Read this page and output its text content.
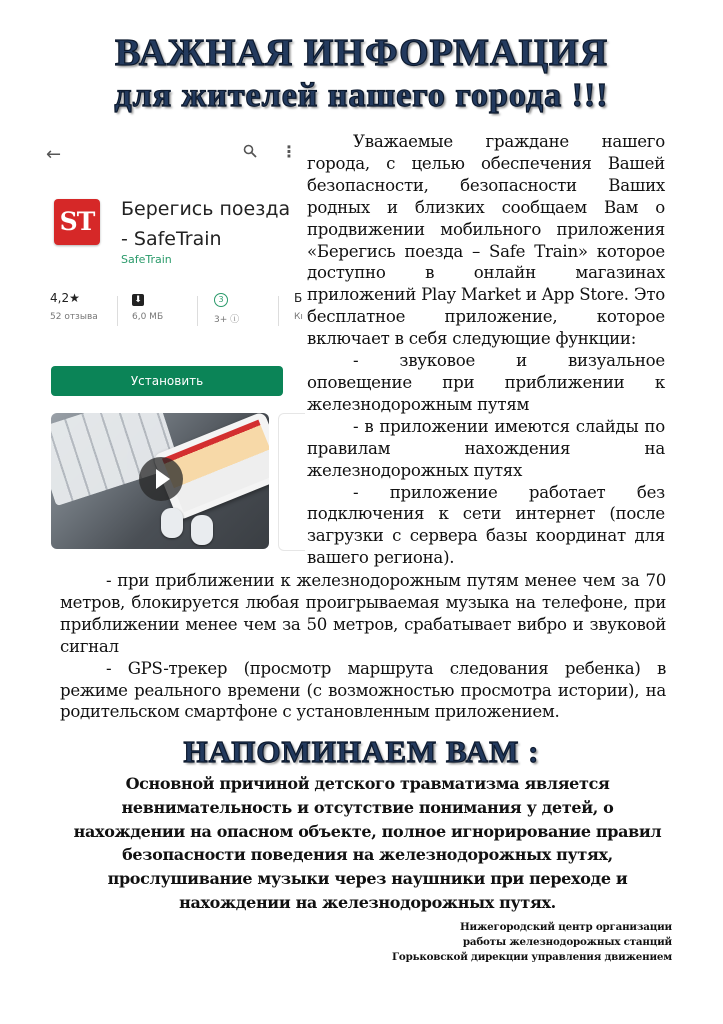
ВАЖНАЯ ИНФОРМАЦИЯ
для жителей нашего города !!!
←	⋮
ST Берегись поезда
- SafeTrain
SafeTrain
4,2★
52 отзыва
⬇
6,0 МБ
3
3+ ⓘ
Б
Кı
Установить

Уважаемые граждане нашего города, с целью обеспечения Вашей безопасности, безопасности Ваших родных и близких сообщаем Вам о продвижении мобильного приложения «Берегись поезда – Safe Train» которое доступно в онлайн магазинах приложений Play Market и App Store. Это бесплатное приложение, которое включает в себя следующие функции:

- звуковое и визуальное оповещение при приближении к железнодорожным путям

- в приложении имеются слайды по правилам нахождения на железнодорожных путях

- приложение работает без подключения к сети интернет (после загрузки с сервера базы координат для вашего региона).

- при приближении к железнодорожным путям менее чем за 70 метров, блокируется любая проигрываемая музыка на телефоне, при приближении менее чем за 50 метров, срабатывает вибро и звуковой сигнал

- GPS-трекер (просмотр маршрута следования ребенка) в режиме реального времени (с возможностью просмотра истории), на родительском смартфоне с установленным приложением.

НАПОМИНАЕМ ВАМ :
Основной причиной детского травматизма является
невнимательность и отсутствие понимания у детей, о
нахождении на опасном объекте, полное игнорирование правил
безопасности поведения на железнодорожных путях,
прослушивание музыки через наушники при переходе и
нахождении на железнодорожных путях.
Нижегородский центр организации
работы железнодорожных станций
Горьковской дирекции управления движением
